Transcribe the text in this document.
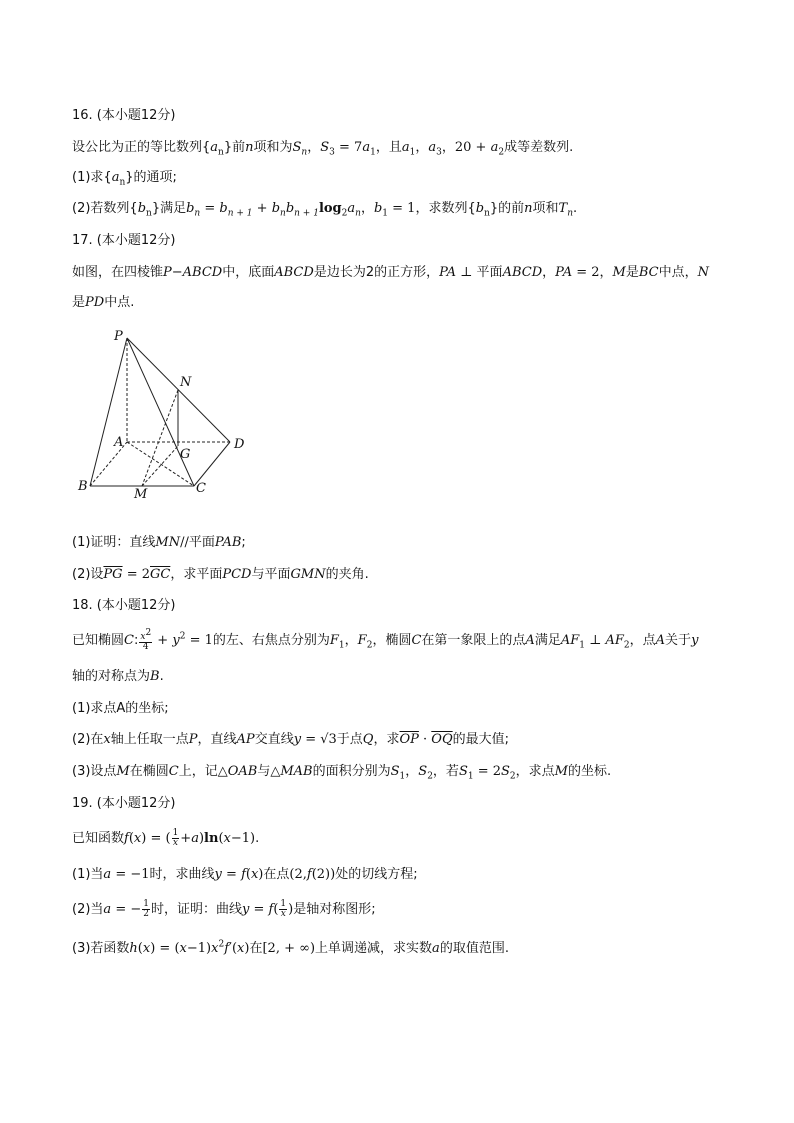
16. (本小题12分)
设公比为正的等比数列$\{a_n\}$前n项和为$S_n$，$S_3 = 7a_1$，且$a_1$，$a_3$，$20 + a_2$成等差数列.
(1)求$\{a_n\}$的通项;
(2)若数列$\{b_n\}$满足$b_n = b_{n + 1} + b_nb_{n + 1}\log_2a_n$，$b_1 = 1$，求数列$\{b_n\}$的前n项和$T_n$.
17. (本小题12分)
如图，在四棱锥P−ABCD中，底面ABCD是边长为2的正方形，PA ⊥ 平面ABCD，PA = 2，M是BC中点，N
是PD中点.
P
N
A	D
G
B
M	C
(1)证明：直线MN//平面PAB;
(2)设$\overline{PG} = 2\overline{GC}$，求平面PCD与平面GMN的夹角.
18. (本小题12分)
已知椭圆C: $\frac{x^2}{4} + y^2 = 1$的左、右焦点分别为$F_1$，$F_2$，椭圆C在第一象限上的点A满足$AF_1$ ⊥ $AF_2$，点A关于y
轴的对称点为B.
(1)求点A的坐标;
(2)在x轴上任取一点P，直线AP交直线y = √3于点Q，求$\overline{OP} \cdot \overline{OQ}$的最大值;
(3)设点M在椭圆C上，记△OAB与△MAB的面积分别为$S_1$，$S_2$，若$S_1 = 2S_2$，求点M的坐标.
19. (本小题12分)
已知函数f(x) = ( $\frac{1}{x}+a)\ln(x-1)$.
(1)当a = −1时，求曲线y = f(x)在点(2,f(2))处的切线方程;
(2)当a = − $\frac{1}{2}$ 时，证明：曲线$y = f( \frac{1}{x})$是轴对称图形;
(3)若函数$h(x) = (x-1)x^2f'(x)$在[2, + ∞)上单调递减，求实数a的取值范围.
